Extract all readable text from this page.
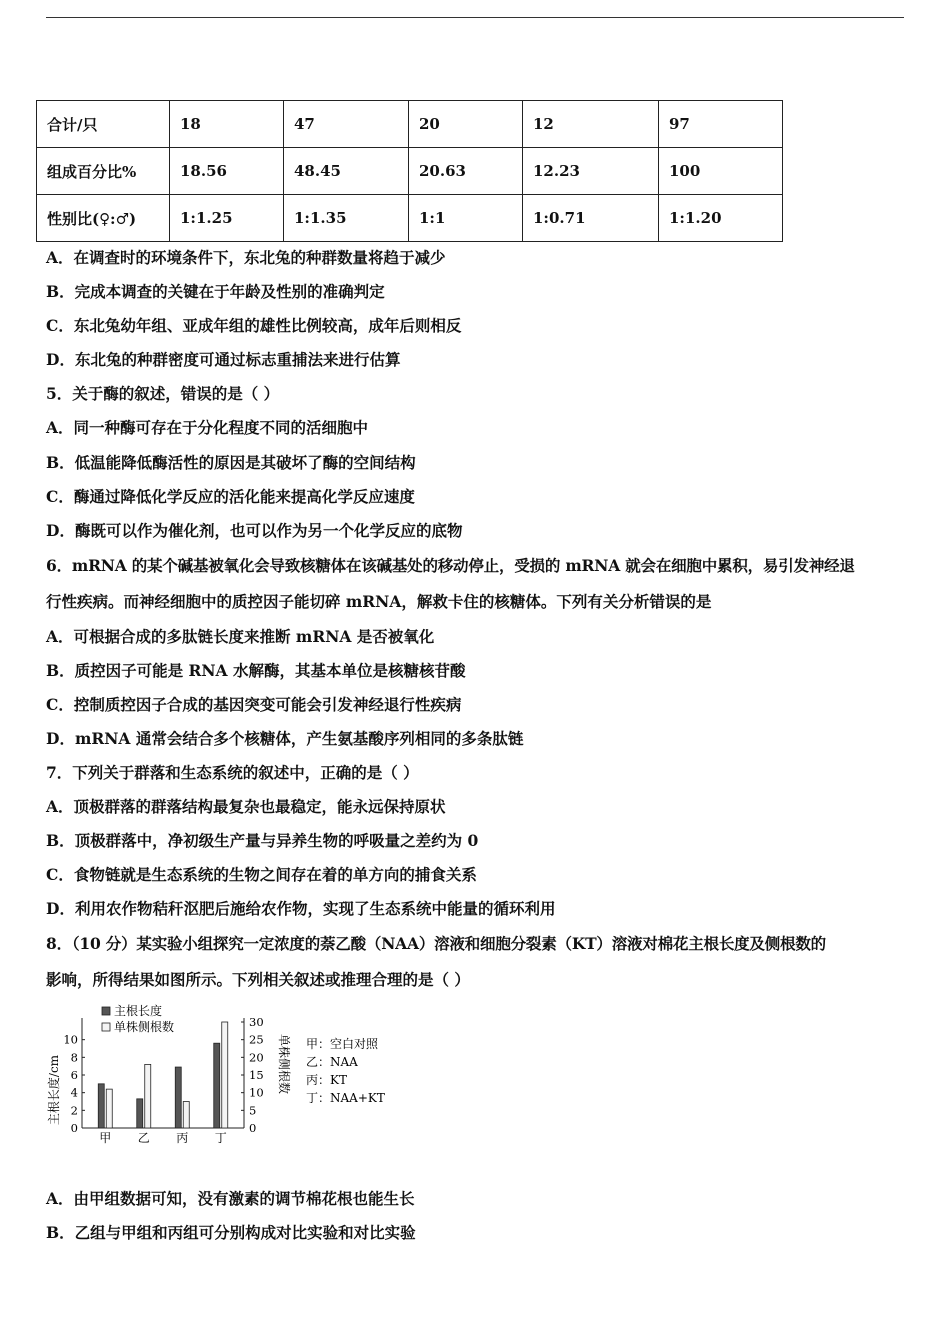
合计/只	18	47	20	12	97
组成百分比%	18.56	48.45	20.63	12.23	100
性别比(♀:♂)	1:1.25	1:1.35	1:1	1:0.71	1:1.20
A．在调查时的环境条件下，东北兔的种群数量将趋于减少
B．完成本调查的关键在于年龄及性别的准确判定
C．东北兔幼年组、亚成年组的雄性比例较高，成年后则相反
D．东北兔的种群密度可通过标志重捕法来进行估算
5．关于酶的叙述，错误的是（ ）
A．同一种酶可存在于分化程度不同的活细胞中
B．低温能降低酶活性的原因是其破坏了酶的空间结构
C．酶通过降低化学反应的活化能来提高化学反应速度
D．酶既可以作为催化剂，也可以作为另一个化学反应的底物
6．mRNA 的某个碱基被氧化会导致核糖体在该碱基处的移动停止，受损的 mRNA 就会在细胞中累积，易引发神经退
行性疾病。而神经细胞中的质控因子能切碎 mRNA，解救卡住的核糖体。下列有关分析错误的是
A．可根据合成的多肽链长度来推断 mRNA 是否被氧化
B．质控因子可能是 RNA 水解酶，其基本单位是核糖核苷酸
C．控制质控因子合成的基因突变可能会引发神经退行性疾病
D．mRNA 通常会结合多个核糖体，产生氨基酸序列相同的多条肽链
7．下列关于群落和生态系统的叙述中，正确的是（ ）
A．顶极群落的群落结构最复杂也最稳定，能永远保持原状
B．顶极群落中，净初级生产量与异养生物的呼吸量之差约为 0
C．食物链就是生态系统的生物之间存在着的单方向的捕食关系
D．利用农作物秸秆沤肥后施给农作物，实现了生态系统中能量的循环利用
8．（10 分）某实验小组探究一定浓度的萘乙酸（NAA）溶液和细胞分裂素（KT）溶液对棉花主根长度及侧根数的
影响，所得结果如图所示。下列相关叙述或推理合理的是（ ）
主根长度/cm	单株侧根数
主根长度
单株侧根数
甲：空白对照
乙：NAA
丙：KT
丁：NAA+KT
0
2
4
6
8
10
0
5
10
15
20
25
30
甲 乙 丙 丁
A．由甲组数据可知，没有激素的调节棉花根也能生长
B．乙组与甲组和丙组可分别构成对比实验和对比实验
